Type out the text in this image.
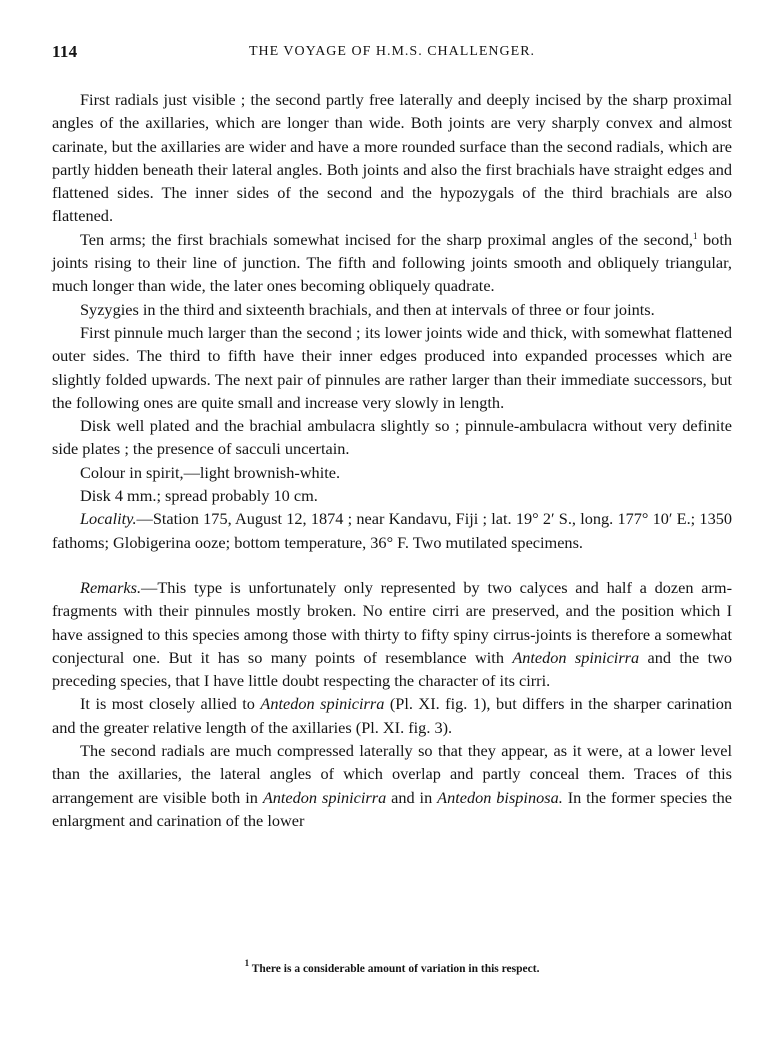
114	THE VOYAGE OF H.M.S. CHALLENGER.

First radials just visible ; the second partly free laterally and deeply incised by the sharp proximal angles of the axillaries, which are longer than wide. Both joints are very sharply convex and almost carinate, but the axillaries are wider and have a more rounded surface than the second radials, which are partly hidden beneath their lateral angles. Both joints and also the first brachials have straight edges and flattened sides. The inner sides of the second and the hypozygals of the third brachials are also flattened.

Ten arms; the first brachials somewhat incised for the sharp proximal angles of the second,$^1$ both joints rising to their line of junction. The fifth and following joints smooth and obliquely triangular, much longer than wide, the later ones becoming obliquely quadrate.

Syzygies in the third and sixteenth brachials, and then at intervals of three or four joints.

First pinnule much larger than the second ; its lower joints wide and thick, with somewhat flattened outer sides. The third to fifth have their inner edges produced into expanded processes which are slightly folded upwards. The next pair of pinnules are rather larger than their immediate successors, but the following ones are quite small and increase very slowly in length.

Disk well plated and the brachial ambulacra slightly so ; pinnule-ambulacra without very definite side plates ; the presence of sacculi uncertain.

Colour in spirit,—light brownish-white.

Disk 4 mm.; spread probably 10 cm.

Locality.—Station 175, August 12, 1874 ; near Kandavu, Fiji ; lat. 19° 2′ S., long. 177° 10′ E.; 1350 fathoms; Globigerina ooze; bottom temperature, 36° F. Two mutilated specimens.

Remarks.—This type is unfortunately only represented by two calyces and half a dozen arm-fragments with their pinnules mostly broken. No entire cirri are preserved, and the position which I have assigned to this species among those with thirty to fifty spiny cirrus-joints is therefore a somewhat conjectural one. But it has so many points of resemblance with Antedon spinicirra and the two preceding species, that I have little doubt respecting the character of its cirri.

It is most closely allied to Antedon spinicirra (Pl. XI. fig. 1), but differs in the sharper carination and the greater relative length of the axillaries (Pl. XI. fig. 3).

The second radials are much compressed laterally so that they appear, as it were, at a lower level than the axillaries, the lateral angles of which overlap and partly conceal them. Traces of this arrangement are visible both in Antedon spinicirra and in Antedon bispinosa. In the former species the enlargment and carination of the lower

$^1$ There is a considerable amount of variation in this respect.
